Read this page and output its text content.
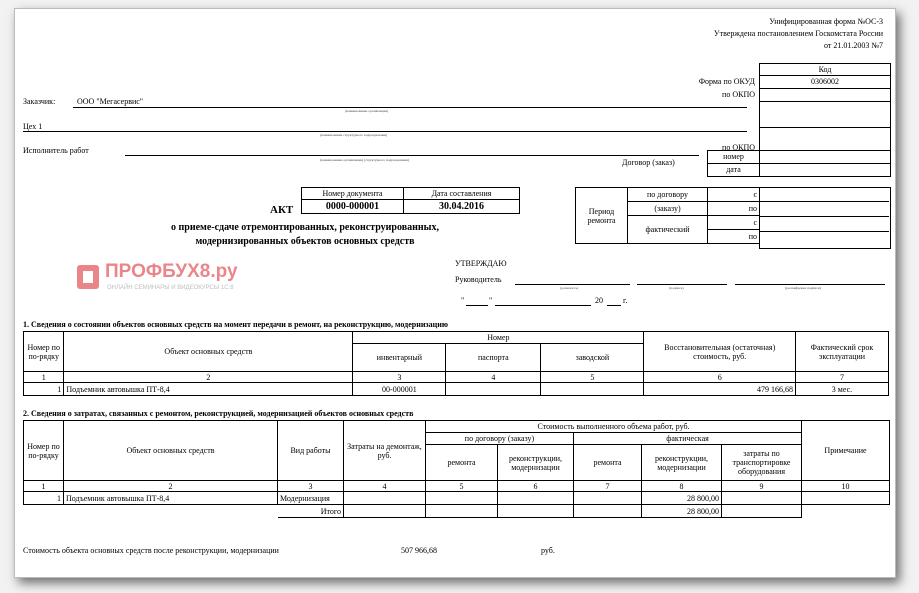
Унифицированная форма №ОС-3
Утверждена постановлением Госкомстата России
от 21.01.2003 №7
Код
0306002
Форма по ОКУД
по ОКПО
по ОКПО
номер
дата
Договор (заказ)
Заказчик:	ООО "Мегасервис"
(наименование организации)
Цех 1
(наименование структурного подразделения)
Исполнитель работ
(наименование организации) (структурного подразделения)
Номер документа	Дата составления
0000-000001	30.04.2016
АКТ
о приеме-сдаче отремонтированных, реконструированных,
модернизированных объектов основных средств
Период
ремонта	по договору	с
	(заказу)	по
	фактический	с
		по
УТВЕРЖДАЮ
Руководитель
(должность)	(подпись)	(расшифровка подписи)
"	"	20	г.
ПРОФБУХ8.ру
ОНЛАЙН СЕМИНАРЫ И ВИДЕОКУРСЫ 1С:8
1. Сведения о состоянии объектов основных средств на момент передачи в ремонт, на реконструкцию, модернизацию
Номер по по-рядку	Объект основных средств	Номер			Восстановительная (остаточная) стоимость, руб.	Фактический срок эксплуатации
		инвентарный	паспорта	заводской		
1	2	3	4	5	6	7
1	Подъемник автовышка ПТ-8,4	00-000001			479 166,68	3 мес.
2. Сведения о затратах, связанных с ремонтом, реконструкцией, модернизацией объектов основных средств
Номер по по-рядку	Объект основных средств	Вид работы	Затраты на демонтаж, руб.	Стоимость выполненного объема работ, руб.					Примечание
				по договору (заказу)		фактическая			
				ремонта	реконструкции, модернизации	ремонта	реконструкции, модернизации	затраты по транспортировке оборудования	
1	2	3	4	5	6	7	8	9	10
1	Подъемник автовышка ПТ-8,4	Модернизация					28 800,00		
		Итого					28 800,00		
Стоимость объекта основных средств после реконструкции, модернизации	507 966,68	руб.
